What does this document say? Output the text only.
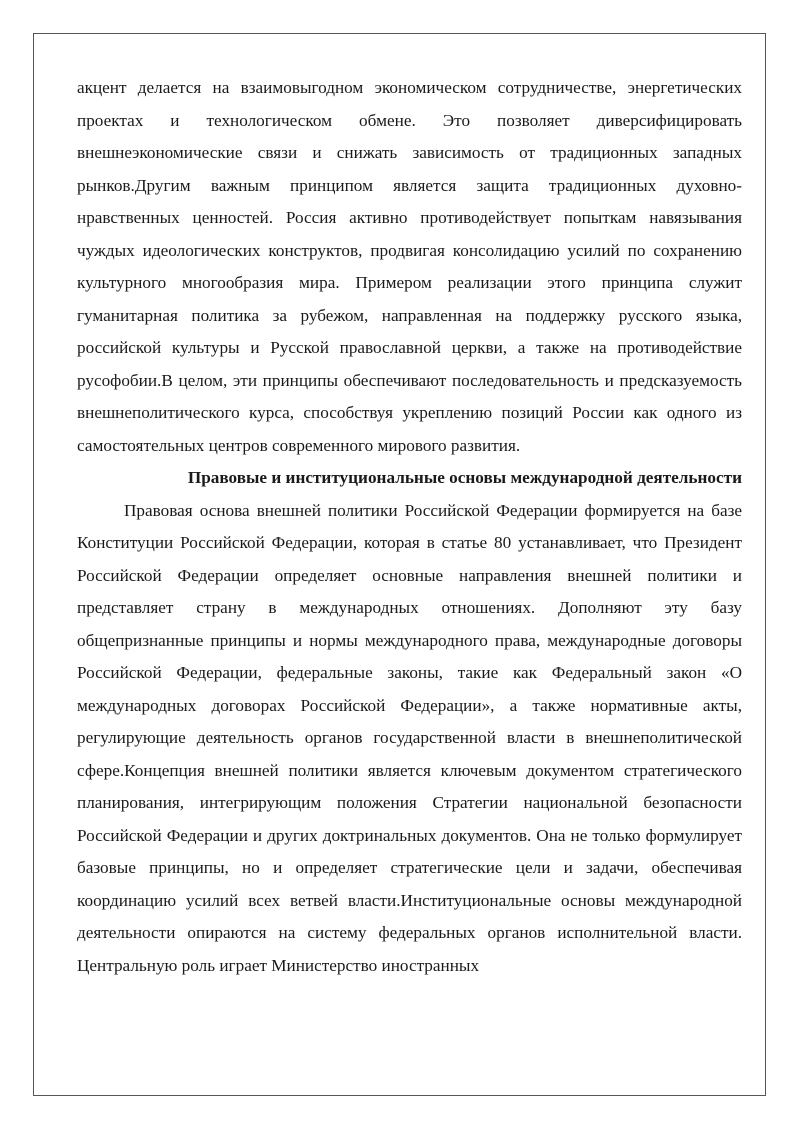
акцент делается на взаимовыгодном экономическом сотрудничестве, энергетических проектах и технологическом обмене. Это позволяет диверсифицировать внешнеэкономические связи и снижать зависимость от традиционных западных рынков.Другим важным принципом является защита традиционных духовно-нравственных ценностей. Россия активно противодействует попыткам навязывания чуждых идеологических конструктов, продвигая консолидацию усилий по сохранению культурного многообразия мира. Примером реализации этого принципа служит гуманитарная политика за рубежом, направленная на поддержку русского языка, российской культуры и Русской православной церкви, а также на противодействие русофобии.В целом, эти принципы обеспечивают последовательность и предсказуемость внешнеполитического курса, способствуя укреплению позиций России как одного из самостоятельных центров современного мирового развития.

Правовые и институциональные основы международной деятельности

Правовая основа внешней политики Российской Федерации формируется на базе Конституции Российской Федерации, которая в статье 80 устанавливает, что Президент Российской Федерации определяет основные направления внешней политики и представляет страну в международных отношениях. Дополняют эту базу общепризнанные принципы и нормы международного права, международные договоры Российской Федерации, федеральные законы, такие как Федеральный закон «О международных договорах Российской Федерации», а также нормативные акты, регулирующие деятельность органов государственной власти в внешнеполитической сфере.Концепция внешней политики является ключевым документом стратегического планирования, интегрирующим положения Стратегии национальной безопасности Российской Федерации и других доктринальных документов. Она не только формулирует базовые принципы, но и определяет стратегические цели и задачи, обеспечивая координацию усилий всех ветвей власти.Институциональные основы международной деятельности опираются на систему федеральных органов исполнительной власти. Центральную роль играет Министерство иностранных
